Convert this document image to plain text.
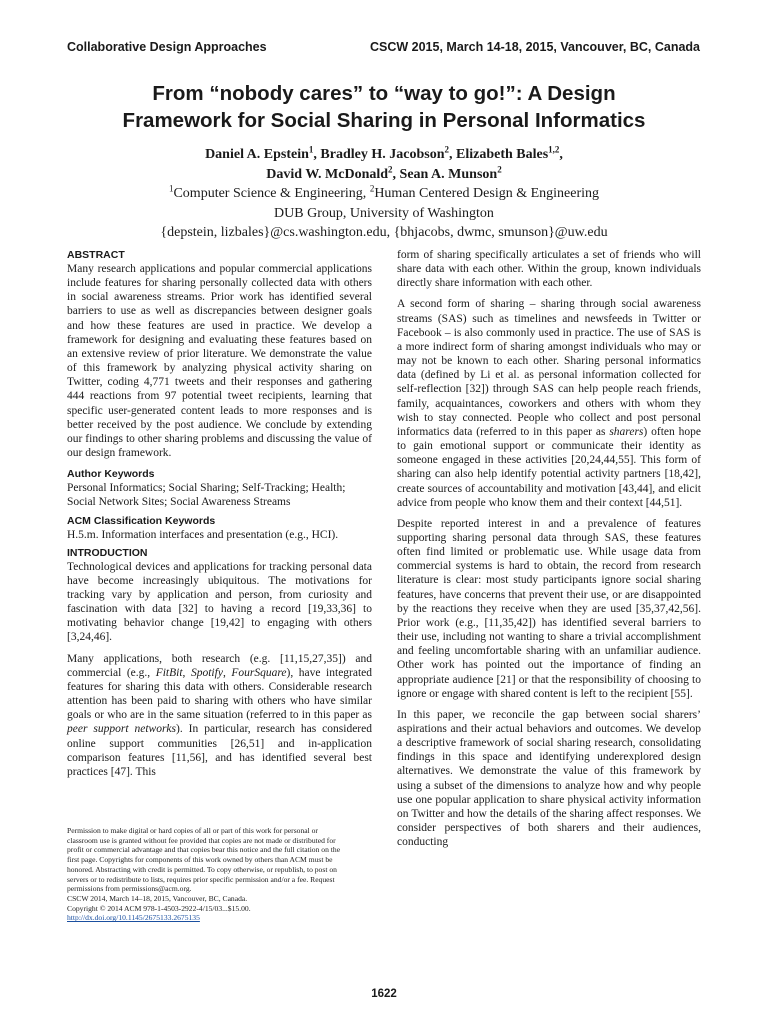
Collaborative Design Approaches	CSCW 2015, March 14-18, 2015, Vancouver, BC, Canada
From “nobody cares” to “way to go!”: A Design
Framework for Social Sharing in Personal Informatics
Daniel A. Epstein$^1$, Bradley H. Jacobson$^2$, Elizabeth Bales$^{1,2}$,
David W. McDonald$^2$, Sean A. Munson$^2$
$^1$Computer Science & Engineering, $^2$Human Centered Design & Engineering
DUB Group, University of Washington
{depstein, lizbales}@cs.washington.edu, {bhjacobs, dwmc, smunson}@uw.edu
ABSTRACT

Many research applications and popular commercial applications include features for sharing personally collected data with others in social awareness streams. Prior work has identified several barriers to use as well as discrepancies between designer goals and how these features are used in practice. We develop a framework for designing and evaluating these features based on an extensive review of prior literature. We demonstrate the value of this framework by analyzing physical activity sharing on Twitter, coding 4,771 tweets and their responses and gathering 444 reactions from 97 potential tweet recipients, learning that specific user-generated content leads to more responses and is better received by the post audience. We conclude by extending our findings to other sharing problems and discussing the value of our design framework.

Author Keywords

Personal Informatics; Social Sharing; Self-Tracking; Health; Social Network Sites; Social Awareness Streams

ACM Classification Keywords

H.5.m. Information interfaces and presentation (e.g., HCI).

INTRODUCTION

Technological devices and applications for tracking personal data have become increasingly ubiquitous. The motivations for tracking vary by application and person, from curiosity and fascination with data [32] to having a record [19,33,36] to motivating behavior change [19,42] to engaging with others [3,24,46].

Many applications, both research (e.g. [11,15,27,35]) and commercial (e.g., FitBit, Spotify, FourSquare), have integrated features for sharing this data with others. Considerable research attention has been paid to sharing with others who have similar goals or who are in the same situation (referred to in this paper as peer support networks). In particular, research has considered online support communities [26,51] and in-application comparison features [11,56], and has identified several best practices [47]. This

Permission to make digital or hard copies of all or part of this work for personal or
classroom use is granted without fee provided that copies are not made or distributed for
profit or commercial advantage and that copies bear this notice and the full citation on the
first page. Copyrights for components of this work owned by others than ACM must be
honored. Abstracting with credit is permitted. To copy otherwise, or republish, to post on
servers or to redistribute to lists, requires prior specific permission and/or a fee. Request
permissions from permissions@acm.org.
CSCW 2014, March 14–18, 2015, Vancouver, BC, Canada.
Copyright © 2014 ACM 978-1-4503-2922-4/15/03...$15.00.
http://dx.doi.org/10.1145/2675133.2675135

form of sharing specifically articulates a set of friends who will share data with each other. Within the group, known individuals directly share information with each other.

A second form of sharing – sharing through social awareness streams (SAS) such as timelines and newsfeeds in Twitter or Facebook – is also commonly used in practice. The use of SAS is a more indirect form of sharing amongst individuals who may or may not be known to each other. Sharing personal informatics data (defined by Li et al. as personal information collected for self-reflection [32]) through SAS can help people reach friends, family, acquaintances, coworkers and others with whom they wish to stay connected. People who collect and post personal informatics data (referred to in this paper as sharers) often hope to gain emotional support or communicate their identity as someone engaged in these activities [20,24,44,55]. This form of sharing can also help identify potential activity partners [18,42], create sources of accountability and motivation [43,44], and elicit advice from people who know them and their context [44,51].

Despite reported interest in and a prevalence of features supporting sharing personal data through SAS, these features often find limited or problematic use. While usage data from commercial systems is hard to obtain, the record from research literature is clear: most study participants ignore social sharing features, have concerns that prevent their use, or are disappointed by the reactions they receive when they are used [35,37,42,56]. Prior work (e.g., [11,35,42]) has identified several barriers to their use, including not wanting to share a trivial accomplishment and feeling uncomfortable sharing with an unfamiliar audience. Other work has pointed out the importance of finding an appropriate audience [21] or that the responsibility of choosing to ignore or engage with shared content is left to the recipient [55].

In this paper, we reconcile the gap between social sharers’ aspirations and their actual behaviors and outcomes. We develop a descriptive framework of social sharing research, consolidating findings in this space and identifying underexplored design alternatives. We demonstrate the value of this framework by using a subset of the dimensions to analyze how and why people use one popular application to share physical activity information on Twitter and how the details of the sharing affect responses. We consider perspectives of both sharers and their audiences, conducting

1622
